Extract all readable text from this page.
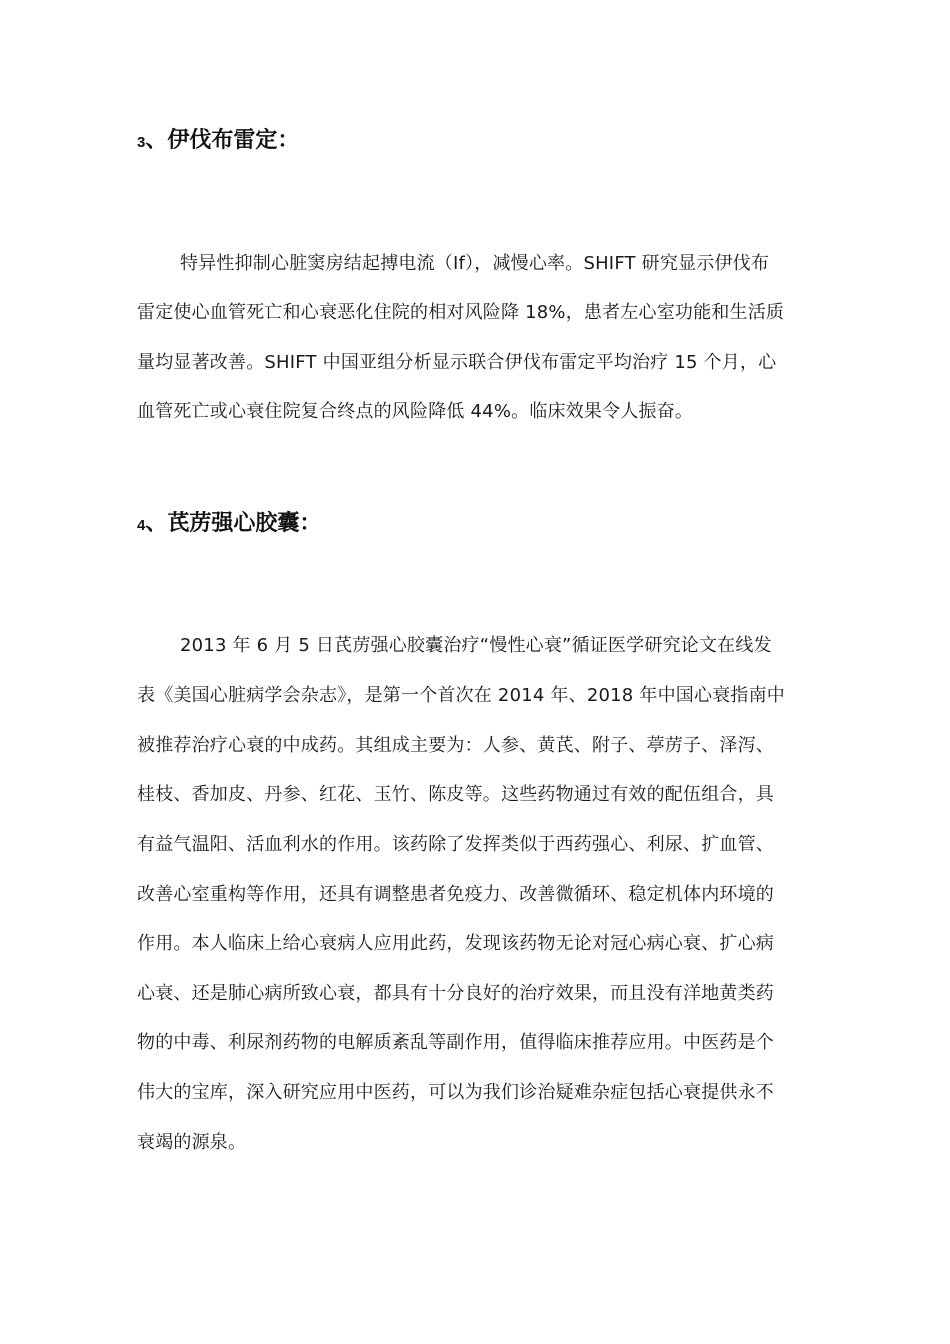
3、伊伐布雷定：
特异性抑制心脏窦房结起搏电流（If），减慢心率。SHIFT 研究显示伊伐布
雷定使心血管死亡和心衰恶化住院的相对风险降 18%，患者左心室功能和生活质
量均显著改善。SHIFT 中国亚组分析显示联合伊伐布雷定平均治疗 15 个月，心
血管死亡或心衰住院复合终点的风险降低 44%。临床效果令人振奋。
4、芪苈强心胶囊：
2013 年 6 月 5 日芪苈强心胶囊治疗“慢性心衰”循证医学研究论文在线发
表《美国心脏病学会杂志》，是第一个首次在 2014 年、2018 年中国心衰指南中
被推荐治疗心衰的中成药。其组成主要为：人参、黄芪、附子、葶苈子、泽泻、
桂枝、香加皮、丹参、红花、玉竹、陈皮等。这些药物通过有效的配伍组合，具
有益气温阳、活血利水的作用。该药除了发挥类似于西药强心、利尿、扩血管、
改善心室重构等作用，还具有调整患者免疫力、改善微循环、稳定机体内环境的
作用。本人临床上给心衰病人应用此药，发现该药物无论对冠心病心衰、扩心病
心衰、还是肺心病所致心衰，都具有十分良好的治疗效果，而且没有洋地黄类药
物的中毒、利尿剂药物的电解质紊乱等副作用，值得临床推荐应用。中医药是个
伟大的宝库，深入研究应用中医药，可以为我们诊治疑难杂症包括心衰提供永不
衰竭的源泉。
